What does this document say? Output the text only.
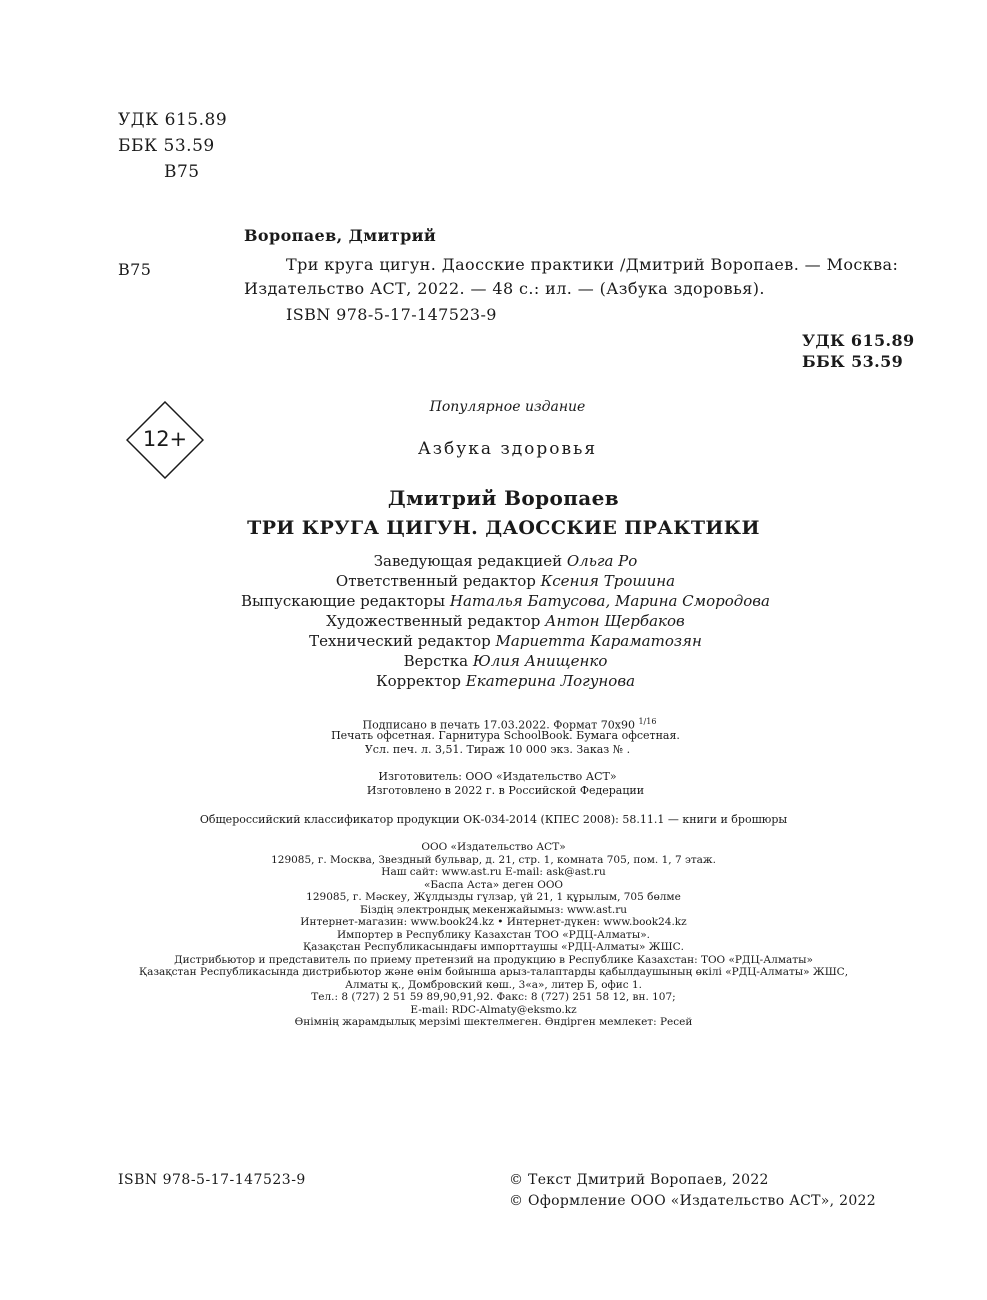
УДК 615.89
ББК 53.59
В75
Воропаев, Дмитрий
В75	Три круга цигун. Даосские практики /Дмитрий Воропаев. — Москва:
Издательство АСТ, 2022. — 48 с.: ил. — (Азбука здоровья).
ISBN 978-5-17-147523-9
УДК 615.89
ББК 53.59
12+
Популярное издание
Азбука здоровья
Дмитрий Воропаев
ТРИ КРУГА ЦИГУН. ДАОССКИЕ ПРАКТИКИ
Заведующая редакцией Ольга Ро
Ответственный редактор Ксения Трошина
Выпускающие редакторы Наталья Батусова, Марина Смородова
Художественный редактор Антон Щербаков
Технический редактор Мариетта Караматозян
Верстка Юлия Анищенко
Корректор Екатерина Логунова
Подписано в печать 17.03.2022. Формат 70х90 $^{1/16}$
Печать офсетная. Гарнитура SchoolBook. Бумага офсетная.
Усл. печ. л. 3,51. Тираж 10 000 экз. Заказ № .
Изготовитель: ООО «Издательство АСТ»
Изготовлено в 2022 г. в Российской Федерации
Общероссийский классификатор продукции ОК-034-2014 (КПЕС 2008): 58.11.1 — книги и брошюры
ООО «Издательство АСТ»
129085, г. Москва, Звездный бульвар, д. 21, стр. 1, комната 705, пом. 1, 7 этаж.
Наш сайт: www.ast.ru E-mail: ask@ast.ru
«Баспа Аста» деген ООО
129085, г. Мәскеу, Жұлдызды гүлзар, үй 21, 1 құрылым, 705 бөлме
Біздің электрондық мекенжайымыз: www.ast.ru
Интернет-магазин: www.book24.kz • Интернет-дүкен: www.book24.kz
Импортер в Республику Казахстан ТОО «РДЦ-Алматы».
Қазақстан Республикасындағы импорттаушы «РДЦ-Алматы» ЖШС.
Дистрибьютор и представитель по приему претензий на продукцию в Республике Казахстан: ТОО «РДЦ-Алматы»
Қазақстан Республикасында дистрибьютор және өнім бойынша арыз-талаптарды қабылдаушының өкілі «РДЦ-Алматы» ЖШС,
Алматы қ., Домбровский көш., 3«а», литер Б, офис 1.
Тел.: 8 (727) 2 51 59 89,90,91,92. Факс: 8 (727) 251 58 12, вн. 107;
E-mail: RDC-Almaty@eksmo.kz
Өнімнің жарамдылық мерзімі шектелмеген. Өндірген мемлекет: Ресей
ISBN 978-5-17-147523-9	© Текст Дмитрий Воропаев, 2022
© Оформление ООО «Издательство АСТ», 2022
